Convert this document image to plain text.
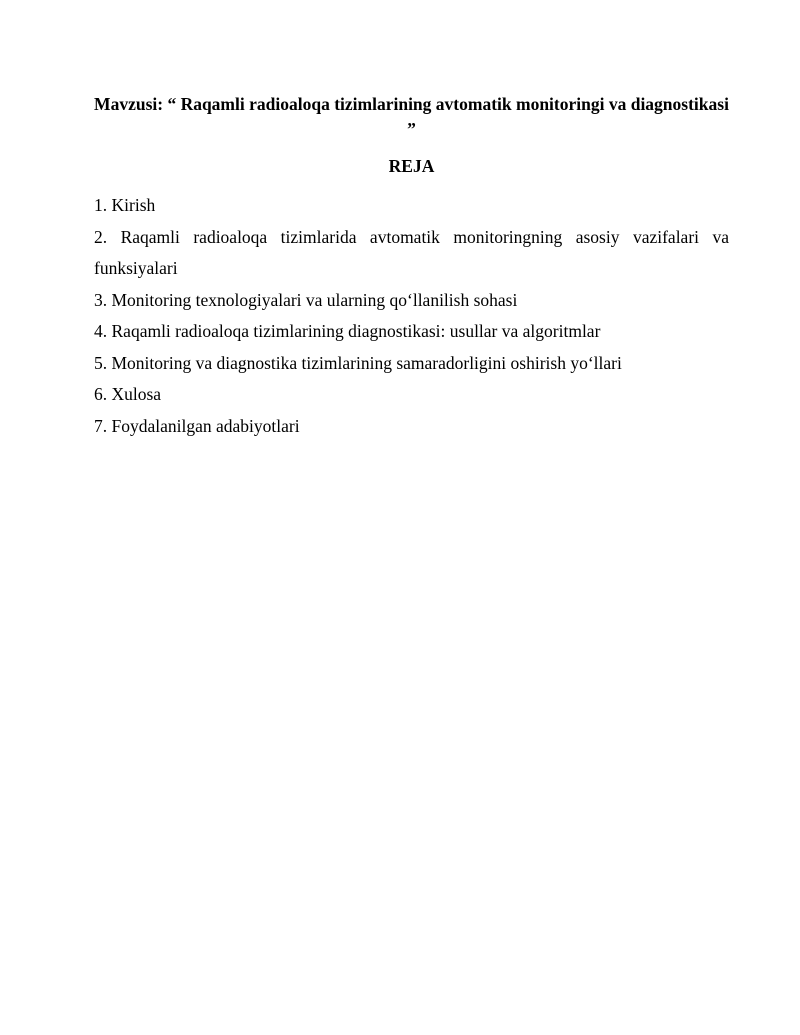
Mavzusi: “ Raqamli radioaloqa tizimlarining avtomatik monitoringi va diagnostikasi ”
REJA
1. Kirish
2. Raqamli radioaloqa tizimlarida avtomatik monitoringning asosiy vazifalari va funksiyalari
3. Monitoring texnologiyalari va ularning qo‘llanilish sohasi
4. Raqamli radioaloqa tizimlarining diagnostikasi: usullar va algoritmlar
5. Monitoring va diagnostika tizimlarining samaradorligini oshirish yo‘llari
6. Xulosa
7. Foydalanilgan adabiyotlari
